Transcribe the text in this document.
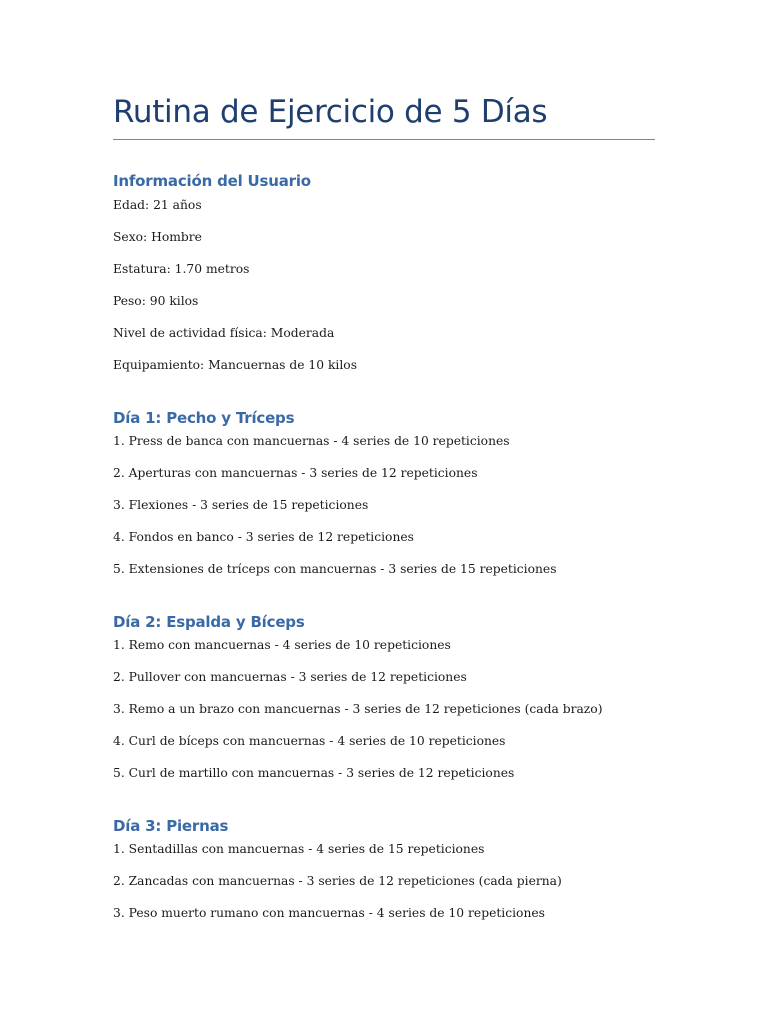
Rutina de Ejercicio de 5 Días
Información del Usuario
Edad: 21 años
Sexo: Hombre
Estatura: 1.70 metros
Peso: 90 kilos
Nivel de actividad física: Moderada
Equipamiento: Mancuernas de 10 kilos
Día 1: Pecho y Tríceps
1. Press de banca con mancuernas - 4 series de 10 repeticiones
2. Aperturas con mancuernas - 3 series de 12 repeticiones
3. Flexiones - 3 series de 15 repeticiones
4. Fondos en banco - 3 series de 12 repeticiones
5. Extensiones de tríceps con mancuernas - 3 series de 15 repeticiones
Día 2: Espalda y Bíceps
1. Remo con mancuernas - 4 series de 10 repeticiones
2. Pullover con mancuernas - 3 series de 12 repeticiones
3. Remo a un brazo con mancuernas - 3 series de 12 repeticiones (cada brazo)
4. Curl de bíceps con mancuernas - 4 series de 10 repeticiones
5. Curl de martillo con mancuernas - 3 series de 12 repeticiones
Día 3: Piernas
1. Sentadillas con mancuernas - 4 series de 15 repeticiones
2. Zancadas con mancuernas - 3 series de 12 repeticiones (cada pierna)
3. Peso muerto rumano con mancuernas - 4 series de 10 repeticiones
